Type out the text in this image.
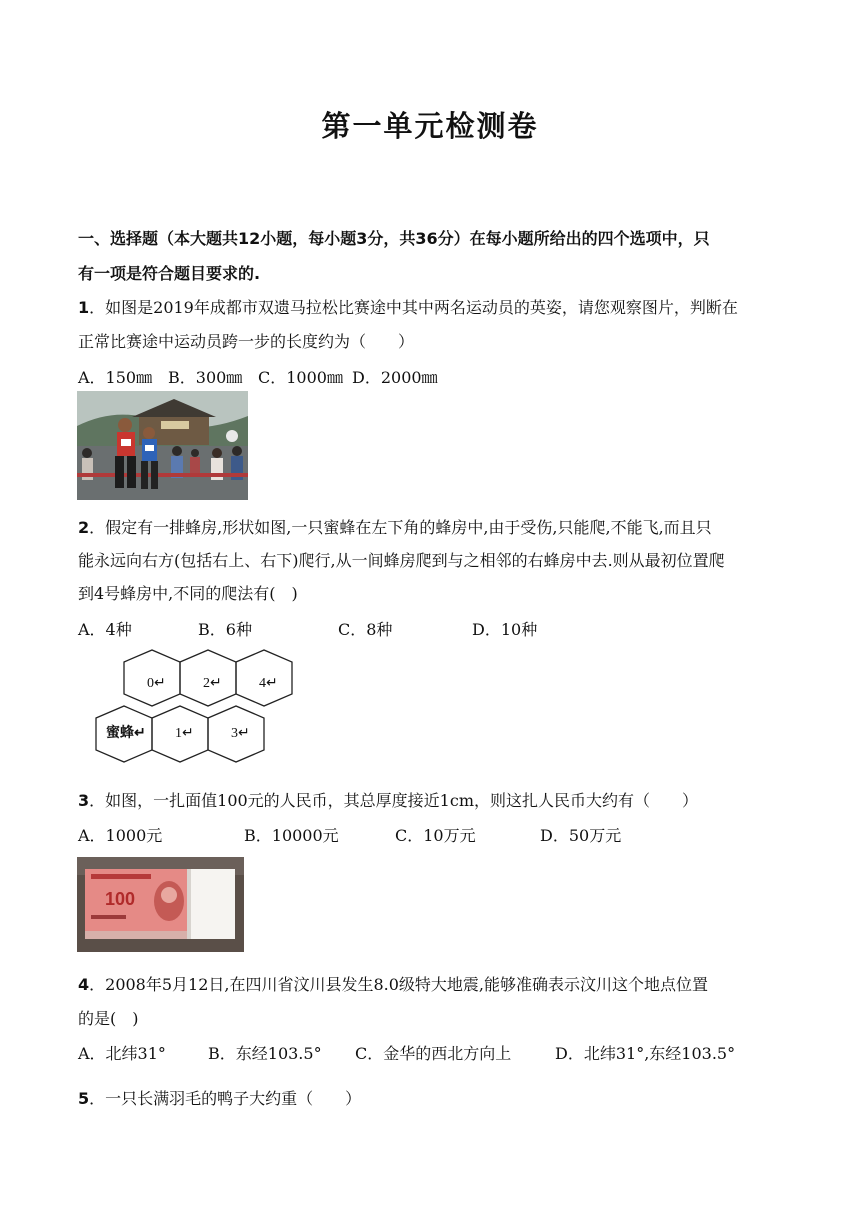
第一单元检测卷
一、选择题（本大题共12小题，每小题3分，共36分）在每小题所给出的四个选项中，只
有一项是符合题目要求的.
1．如图是2019年成都市双遗马拉松比赛途中其中两名运动员的英姿，请您观察图片，判断在
正常比赛途中运动员跨一步的长度约为（　　）
A．150㎜ B．300㎜ C．1000㎜ D．2000㎜
2．假定有一排蜂房,形状如图,一只蜜蜂在左下角的蜂房中,由于受伤,只能爬,不能飞,而且只
能永远向右方(包括右上、右下)爬行,从一间蜂房爬到与之相邻的右蜂房中去.则从最初位置爬
到4号蜂房中,不同的爬法有(　)
A．4种	B．6种	C．8种	D．10种
0↵	2↵	4↵
蜜蜂↵ 1↵	3↵
3．如图，一扎面值100元的人民币，其总厚度接近1cm，则这扎人民币大约有（　　）
A．1000元	B．10000元	C．10万元	D．50万元
100
4．2008年5月12日,在四川省汶川县发生8.0级特大地震,能够准确表示汶川这个地点位置
的是(　)
A．北纬31°	B．东经103.5° C．金华的西北方向上	D．北纬31°,东经103.5°
5．一只长满羽毛的鸭子大约重（　　）
